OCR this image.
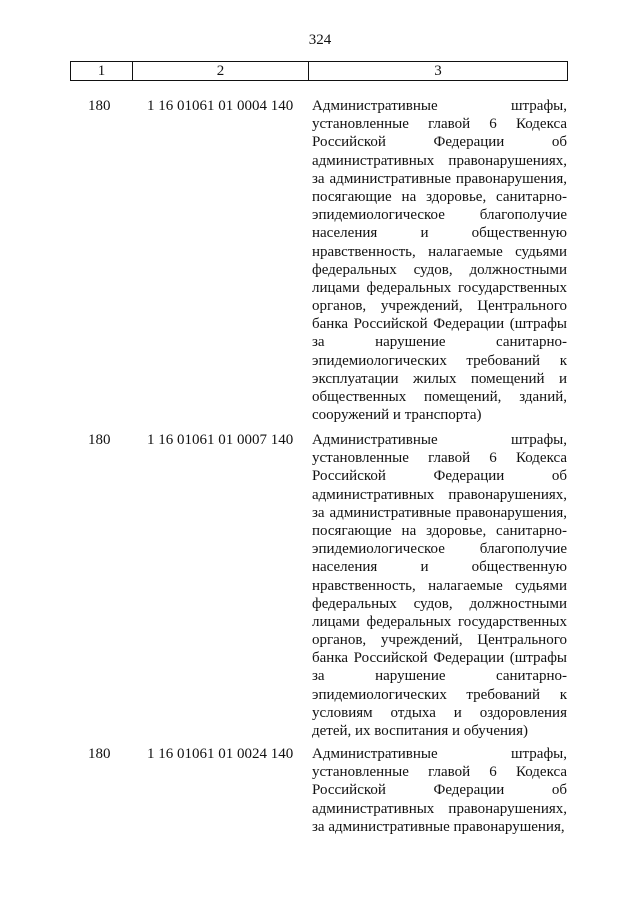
324
1	2	3
180 1 16 01061 01 0004 140 Административные штрафы,
установленные главой 6 Кодекса
Российской Федерации об
административных правонарушениях,
за административные правонарушения,
посягающие на здоровье, санитарно-
эпидемиологическое благополучие
населения и общественную
нравственность, налагаемые судьями
федеральных судов, должностными
лицами федеральных государственных
органов, учреждений, Центрального
банка Российской Федерации (штрафы
за нарушение санитарно-
эпидемиологических требований к
эксплуатации жилых помещений и
общественных помещений, зданий,
сооружений и транспорта)
180 1 16 01061 01 0007 140 Административные штрафы,
установленные главой 6 Кодекса
Российской Федерации об
административных правонарушениях,
за административные правонарушения,
посягающие на здоровье, санитарно-
эпидемиологическое благополучие
населения и общественную
нравственность, налагаемые судьями
федеральных судов, должностными
лицами федеральных государственных
органов, учреждений, Центрального
банка Российской Федерации (штрафы
за нарушение санитарно-
эпидемиологических требований к
условиям отдыха и оздоровления
детей, их воспитания и обучения)
180 1 16 01061 01 0024 140 Административные штрафы,
установленные главой 6 Кодекса
Российской Федерации об
административных правонарушениях,
за административные правонарушения,
